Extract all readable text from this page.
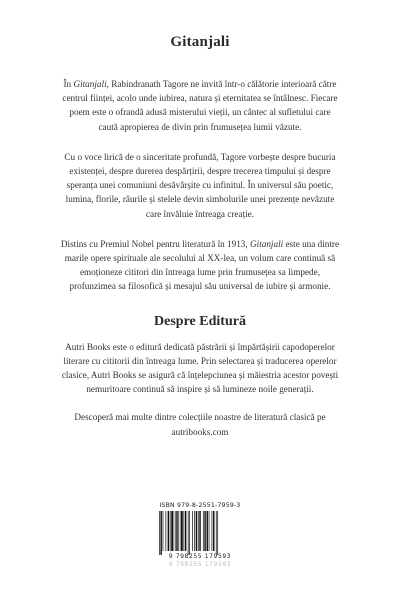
Gitanjali

În Gitanjali, Rabindranath Tagore ne invită într-o călătorie interioară către centrul ființei, acolo unde iubirea, natura și eternitatea se întâlnesc. Fiecare poem este o ofrandă adusă misterului vieții, un cântec al sufletului care caută apropierea de divin prin frumusețea lumii văzute.

Cu o voce lirică de o sinceritate profundă, Tagore vorbește despre bucuria existenței, despre durerea despărțirii, despre trecerea timpului și despre speranța unei comuniuni desăvârșite cu infinitul. În universul său poetic, lumina, florile, râurile și stelele devin simbolurile unei prezențe nevăzute care învăluie întreaga creație.

Distins cu Premiul Nobel pentru literatură în 1913, Gitanjali este una dintre marile opere spirituale ale secolului al XX-lea, un volum care continuă să emoționeze cititori din întreaga lume prin frumusețea sa limpede, profunzimea sa filosofică și mesajul său universal de iubire și armonie.

Despre Editură

Autri Books este o editură dedicată păstrării și împărtășirii capodoperelor literare cu cititorii din întreaga lume. Prin selectarea și traducerea operelor clasice, Autri Books se asigură că înțelepciunea și măiestria acestor povești nemuritoare continuă să inspire și să lumineze noile generații.

Descoperă mai multe dintre colecțiile noastre de literatură clasică pe autribooks.com

ISBN 979-8-2551-7959-3
9 798255 179593
9 798255 179593
